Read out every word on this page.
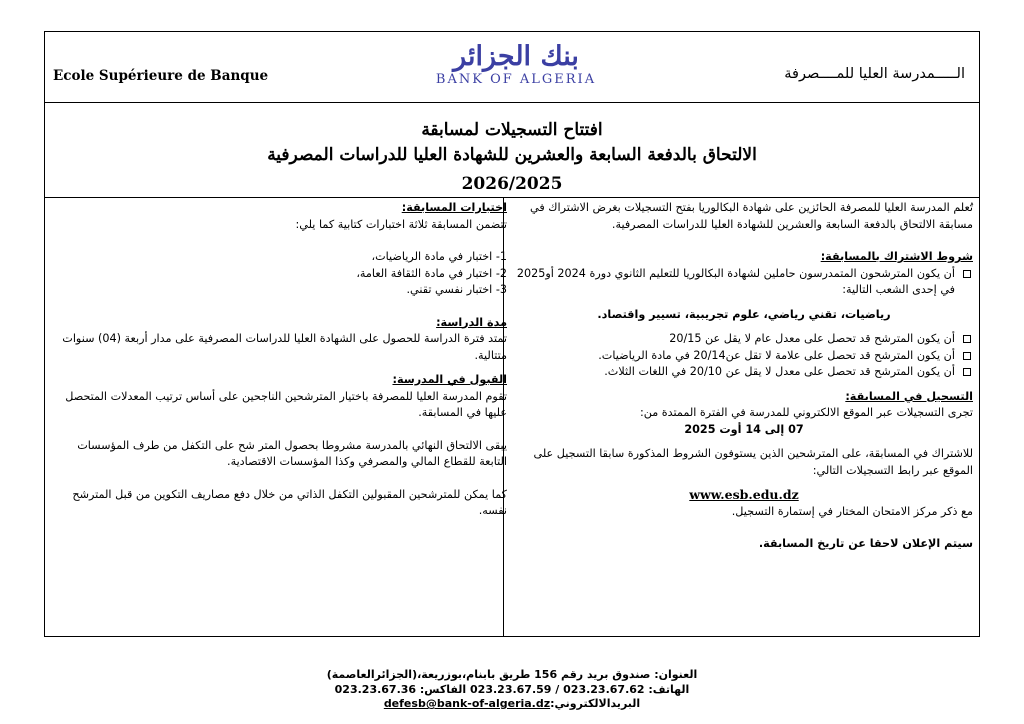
Ecole Supérieure de Banque
بنك الجزائر
BANK OF ALGERIA	الـــــمدرسة العليا للمــــصرفة
افتتاح التسجيلات لمسابقة
الالتحاق بالدفعة السابعة والعشرين للشهادة العليا للدراسات المصرفية
2026/2025

تُعلم المدرسة العليا للمصرفة الحائزين على شهادة البكالوريا بفتح التسجيلات بغرض الاشتراك في مسابقة الالتحاق بالدفعة السابعة والعشرين للشهادة العليا للدراسات المصرفية.

شروط الاشتراك بالمسابقة:

أن يكون المترشحون المتمدرسون حاملين لشهادة البكالوريا للتعليم الثانوي دورة 2024 أو2025 في إحدى الشعب التالية:

رياضيات، تقني رياضي، علوم تجريبية، تسيير واقتصاد.

أن يكون المترشح قد تحصل على معدل عام لا يقل عن 20/15

أن يكون المترشح قد تحصل على علامة لا تقل عن20/14 في مادة الرياضيات.

أن يكون المترشح قد تحصل على معدل لا يقل عن 20/10 في اللغات الثلاث.

التسجيل في المسابقة:

تجرى التسجيلات عبر الموقع الالكتروني للمدرسة في الفترة الممتدة من:

07 إلى 14 أوت 2025

للاشتراك في المسابقة، على المترشحين الذين يستوفون الشروط المذكورة سابقا التسجيل على الموقع عبر رابط التسجيلات التالي:

www.esb.edu.dz

مع ذكر مركز الامتحان المختار في إستمارة التسجيل.

سيتم الإعلان لاحقا عن تاريخ المسابقة.

اختبارات المسابقة:

تتضمن المسابقة ثلاثة اختبارات كتابية كما يلي:

1- اختبار في مادة الرياضيات،

2- اختبار في مادة الثقافة العامة،

3- اختبار نفسي تقني.

مدة الدراسة:

تمتد فترة الدراسة للحصول على الشهادة العليا للدراسات المصرفية على مدار أربعة (04) سنوات متتالية.

القبول في المدرسة:

تقوم المدرسة العليا للمصرفة باختيار المترشحين الناجحين على أساس ترتيب المعدلات المتحصل عليها في المسابقة.

يبقى الالتحاق النهائي بالمدرسة مشروطا بحصول المتر شح على التكفل من طرف المؤسسات التابعة للقطاع المالي والمصرفي وكذا المؤسسات الاقتصادية.

كما يمكن للمترشحين المقبولين التكفل الذاتي من خلال دفع مصاريف التكوين من قبل المترشح نفسه.

العنوان: صندوق بريد رقم 156 طريق بابنام،بوزريعة،(الجزائرالعاصمة)
الهاتف: 023.23.67.62 / 023.23.67.59 الفاكس: 023.23.67.36
البريدالالكتروني:defesb@bank-of-algeria.dz
